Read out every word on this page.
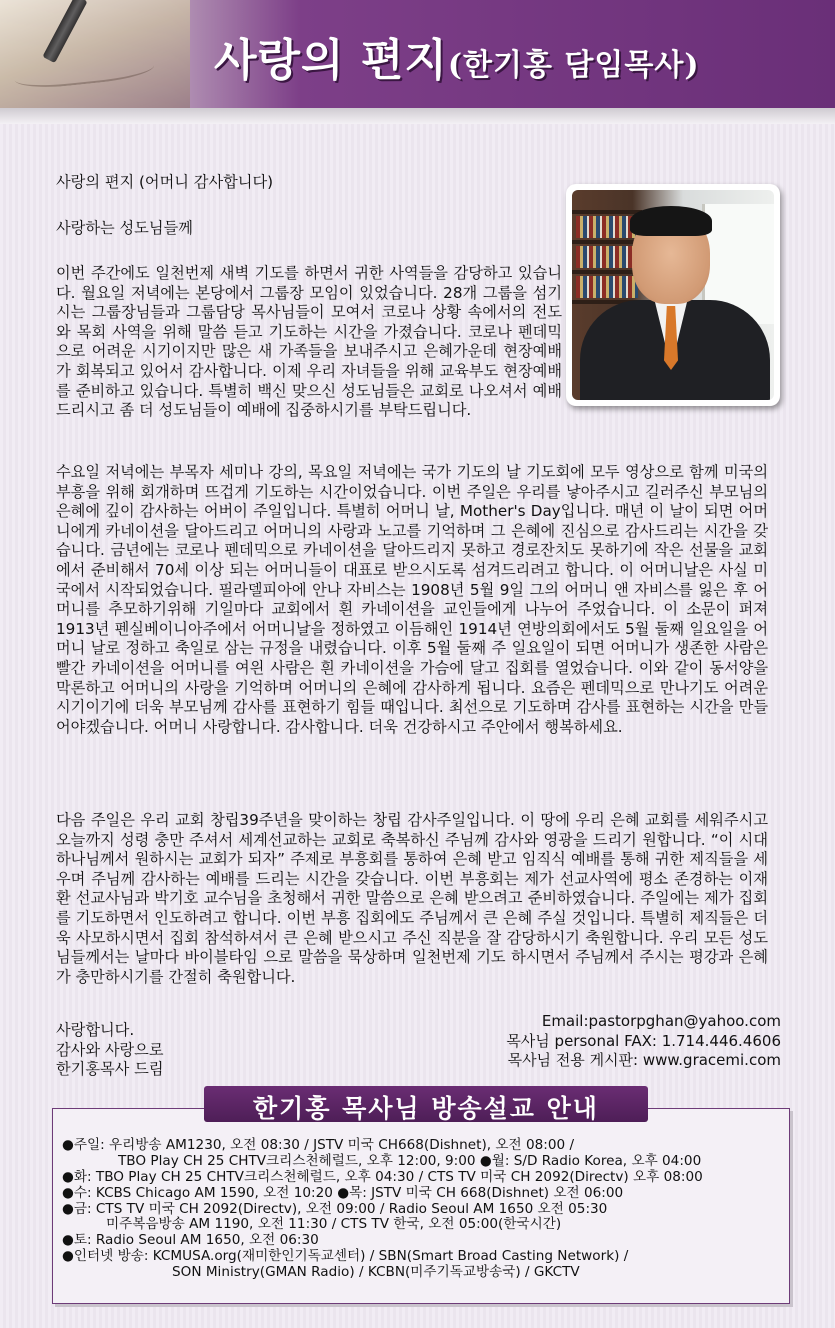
사랑의 편지(한기홍 담임목사)
사랑의 편지 (어머니 감사합니다)
사랑하는 성도님들께
이번 주간에도 일천번제 새벽 기도를 하면서 귀한 사역들을 감당하고 있습니다. 월요일 저녁에는 본당에서 그룹장 모임이 있었습니다. 28개 그룹을 섬기시는 그룹장님들과 그룹담당 목사님들이 모여서 코로나 상황 속에서의 전도와 목회 사역을 위해 말씀 듣고 기도하는 시간을 가졌습니다. 코로나 펜데믹으로 어려운 시기이지만 많은 새 가족들을 보내주시고 은혜가운데 현장예배가 회복되고 있어서 감사합니다. 이제 우리 자녀들을 위해 교육부도 현장예배를 준비하고 있습니다. 특별히 백신 맞으신 성도님들은 교회로 나오셔서 예배드리시고 좀 더 성도님들이 예배에 집중하시기를 부탁드립니다.
수요일 저녁에는 부목자 세미나 강의, 목요일 저녁에는 국가 기도의 날 기도회에 모두 영상으로 함께 미국의 부흥을 위해 회개하며 뜨겁게 기도하는 시간이었습니다. 이번 주일은 우리를 낳아주시고 길러주신 부모님의 은혜에 깊이 감사하는 어버이 주일입니다. 특별히 어머니 날, Mother's Day입니다. 매년 이 날이 되면 어머니에게 카네이션을 달아드리고 어머니의 사랑과 노고를 기억하며 그 은혜에 진심으로 감사드리는 시간을 갖습니다. 금년에는 코로나 펜데믹으로 카네이션을 달아드리지 못하고 경로잔치도 못하기에 작은 선물을 교회에서 준비해서 70세 이상 되는 어머니들이 대표로 받으시도록 섬겨드리려고 합니다. 이 어머니날은 사실 미국에서 시작되었습니다. 필라델피아에 안나 자비스는 1908년 5월 9일 그의 어머니 앤 자비스를 잃은 후 어머니를 추모하기위해 기일마다 교회에서 흰 카네이션을 교인들에게 나누어 주었습니다. 이 소문이 퍼져 1913년 펜실베이니아주에서 어머니날을 정하였고 이듬해인 1914년 연방의회에서도 5월 둘째 일요일을 어머니 날로 정하고 축일로 삼는 규정을 내렸습니다. 이후 5월 둘째 주 일요일이 되면 어머니가 생존한 사람은 빨간 카네이션을 어머니를 여읜 사람은 흰 카네이션을 가슴에 달고 집회를 열었습니다. 이와 같이 동서양을 막론하고 어머니의 사랑을 기억하며 어머니의 은혜에 감사하게 됩니다. 요즘은 펜데믹으로 만나기도 어려운 시기이기에 더욱 부모님께 감사를 표현하기 힘들 때입니다. 최선으로 기도하며 감사를 표현하는 시간을 만들어야겠습니다. 어머니 사랑합니다. 감사합니다. 더욱 건강하시고 주안에서 행복하세요.
다음 주일은 우리 교회 창립39주년을 맞이하는 창립 감사주일입니다. 이 땅에 우리 은혜 교회를 세워주시고 오늘까지 성령 충만 주셔서 세계선교하는 교회로 축복하신 주님께 감사와 영광을 드리기 원합니다. “이 시대 하나님께서 원하시는 교회가 되자” 주제로 부흥회를 통하여 은혜 받고 임직식 예배를 통해 귀한 제직들을 세우며 주님께 감사하는 예배를 드리는 시간을 갖습니다. 이번 부흥회는 제가 선교사역에 평소 존경하는 이재환 선교사님과 박기호 교수님을 초청해서 귀한 말씀으로 은혜 받으려고 준비하였습니다. 주일에는 제가 집회를 기도하면서 인도하려고 합니다. 이번 부흥 집회에도 주님께서 큰 은혜 주실 것입니다. 특별히 제직들은 더욱 사모하시면서 집회 참석하셔서 큰 은혜 받으시고 주신 직분을 잘 감당하시기 축원합니다. 우리 모든 성도님들께서는 날마다 바이블타임 으로 말씀을 묵상하며 일천번제 기도 하시면서 주님께서 주시는 평강과 은혜가 충만하시기를 간절히 축원합니다.
사랑합니다.
감사와 사랑으로
한기홍목사 드림
Email:pastorpghan@yahoo.com
목사님 personal FAX: 1.714.446.4606
목사님 전용 게시판: www.gracemi.com
한기홍 목사님 방송설교 안내
●주일: 우리방송 AM1230, 오전 08:30 / JSTV 미국 CH668(Dishnet), 오전 08:00 /
TBO Play CH 25 CHTV크리스천헤럴드, 오후 12:00, 9:00 ●월: S/D Radio Korea, 오후 04:00
●화: TBO Play CH 25 CHTV크리스천헤럴드, 오후 04:30 / CTS TV 미국 CH 2092(Directv) 오후 08:00
●수: KCBS Chicago AM 1590, 오전 10:20 ●목: JSTV 미국 CH 668(Dishnet) 오전 06:00
●금: CTS TV 미국 CH 2092(Directv), 오전 09:00 / Radio Seoul AM 1650 오전 05:30
미주복음방송 AM 1190, 오전 11:30 / CTS TV 한국, 오전 05:00(한국시간)
●토: Radio Seoul AM 1650, 오전 06:30
●인터넷 방송: KCMUSA.org(재미한인기독교센터) / SBN(Smart Broad Casting Network) /
SON Ministry(GMAN Radio) / KCBN(미주기독교방송국) / GKCTV
